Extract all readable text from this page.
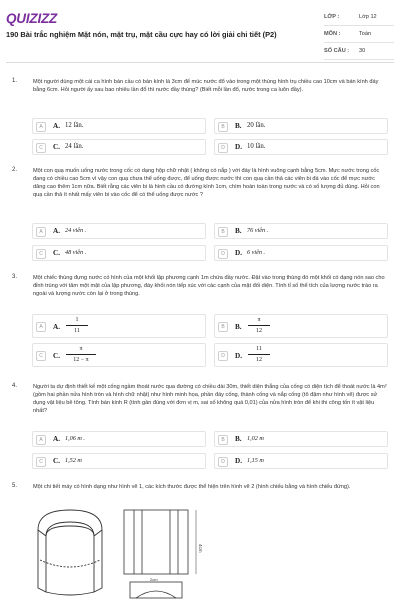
QUIZIZZ
190 Bài trắc nghiệm Mặt nón, mặt trụ, mặt cầu cực hay có lời giải chi tiết (P2)
LỚP :	Lớp 12
MÔN :	Toán
SỐ CÂU :	30
1.	Một người dùng một cái ca hình bán cầu có bán kính là 3cm để múc nước đổ vào trong một thùng hình trụ chiều cao 10cm và bán kính đáy bằng 6cm. Hỏi người ấy sau bao nhiêu lần đổ thì nước đầy thùng? (Biết mỗi lần đổ, nước trong ca luôn đầy).
A	A. 12 lần.	B	B. 20 lần.
C	C. 24 lần.	D	D. 10 lần.
2.	Một con quạ muốn uống nước trong cốc có dạng hộp chữ nhật ( không có nắp ) với đáy là hình vuông cạnh bằng 5cm. Mực nước trong cốc đang có chiều cao 5cm vì vậy con quạ chưa thể uống được, để uống được nước thì con quạ cần thả các viên bi đá vào cốc để mực nước dâng cao thêm 1cm nữa. Biết rằng các viên bi là hình cầu có đường kính 1cm, chìm hoàn toàn trong nước và có số lượng đủ dùng. Hỏi con quạ cần thả ít nhất mấy viên bi vào cốc để có thể uống được nước ?
A	A. 24 viên .	B	B. 76 viên .
C	C. 48 viên .	D	D. 6 viên .
3.	Một chiếc thùng đựng nước có hình của một khối lập phương cạnh 1m chứa đầy nước. Đặt vào trong thùng đó một khối có dạng nón sao cho đỉnh trùng với tâm một mặt của lập phương, đáy khối nón tiếp xúc với các cạnh của mặt đối diện. Tính tỉ số thể tích của lượng nước trào ra ngoài và lượng nước còn lại ở trong thùng.
A	A. $\frac{1}{11}$	B	B. $\frac{\pi}{12}$
C	C. $\frac{\pi}{12 - \pi}$	D	D. $\frac{11}{12}$
4.	Người ta dự định thiết kế một cống ngầm thoát nước qua đường có chiều dài 30m, thiết diện thẳng của cống có diện tích để thoát nước là 4m² (gồm hai phần nửa hình tròn và hình chữ nhật) như hình minh họa, phần đáy cống, thành cống và nắp cống (tô đậm như hình vẽ) được sử dụng vật liệu bê tông. Tính bán kính R (tính gần đúng với đơn vị m, sai số không quá 0,01) của nửa hình tròn để khi thi công tốn ít vật liệu nhất?
A	A. 1,06 m .	B	B. 1,02 m
C	C. 1,52 m	D	D. 1,15 m
5.	Một chi tiết máy có hình dạng như hình vẽ 1, các kích thước được thể hiện trên hình vẽ 2 (hình chiếu bằng và hình chiếu đứng).
4cm
2cm
